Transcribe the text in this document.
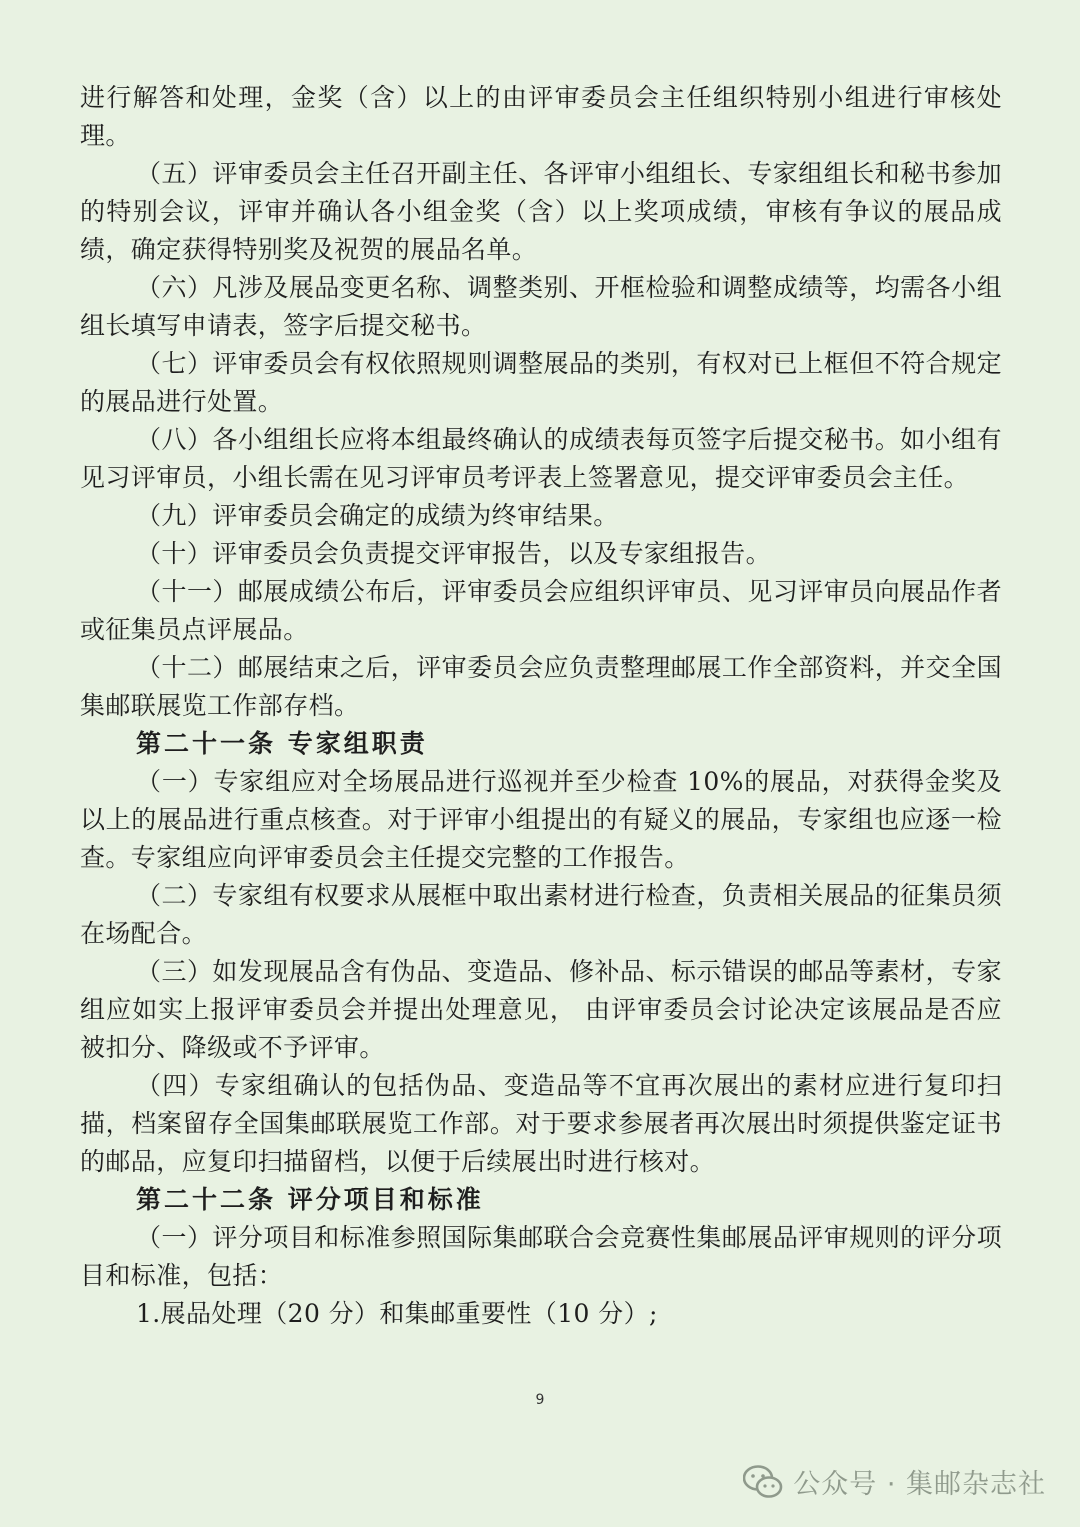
进行解答和处理，金奖（含）以上的由评审委员会主任组织特别小组进行审核处理。

（五）评审委员会主任召开副主任、各评审小组组长、专家组组长和秘书参加的特别会议，评审并确认各小组金奖（含）以上奖项成绩，审核有争议的展品成绩，确定获得特别奖及祝贺的展品名单。

（六）凡涉及展品变更名称、调整类别、开框检验和调整成绩等，均需各小组组长填写申请表，签字后提交秘书。

（七）评审委员会有权依照规则调整展品的类别，有权对已上框但不符合规定的展品进行处置。

（八）各小组组长应将本组最终确认的成绩表每页签字后提交秘书。如小组有见习评审员，小组长需在见习评审员考评表上签署意见，提交评审委员会主任。

（九）评审委员会确定的成绩为终审结果。

（十）评审委员会负责提交评审报告，以及专家组报告。

（十一）邮展成绩公布后，评审委员会应组织评审员、见习评审员向展品作者或征集员点评展品。

（十二）邮展结束之后，评审委员会应负责整理邮展工作全部资料，并交全国集邮联展览工作部存档。

第二十一条 专家组职责

（一）专家组应对全场展品进行巡视并至少检查 10%的展品，对获得金奖及以上的展品进行重点核查。对于评审小组提出的有疑义的展品，专家组也应逐一检查。专家组应向评审委员会主任提交完整的工作报告。

（二）专家组有权要求从展框中取出素材进行检查，负责相关展品的征集员须在场配合。

（三）如发现展品含有伪品、变造品、修补品、标示错误的邮品等素材，专家组应如实上报评审委员会并提出处理意见， 由评审委员会讨论决定该展品是否应被扣分、降级或不予评审。

（四）专家组确认的包括伪品、变造品等不宜再次展出的素材应进行复印扫描，档案留存全国集邮联展览工作部。对于要求参展者再次展出时须提供鉴定证书的邮品，应复印扫描留档，以便于后续展出时进行核对。

第二十二条 评分项目和标准

（一）评分项目和标准参照国际集邮联合会竞赛性集邮展品评审规则的评分项目和标准，包括：

1.展品处理（20 分）和集邮重要性（10 分）;

9
公众号 · 集邮杂志社
